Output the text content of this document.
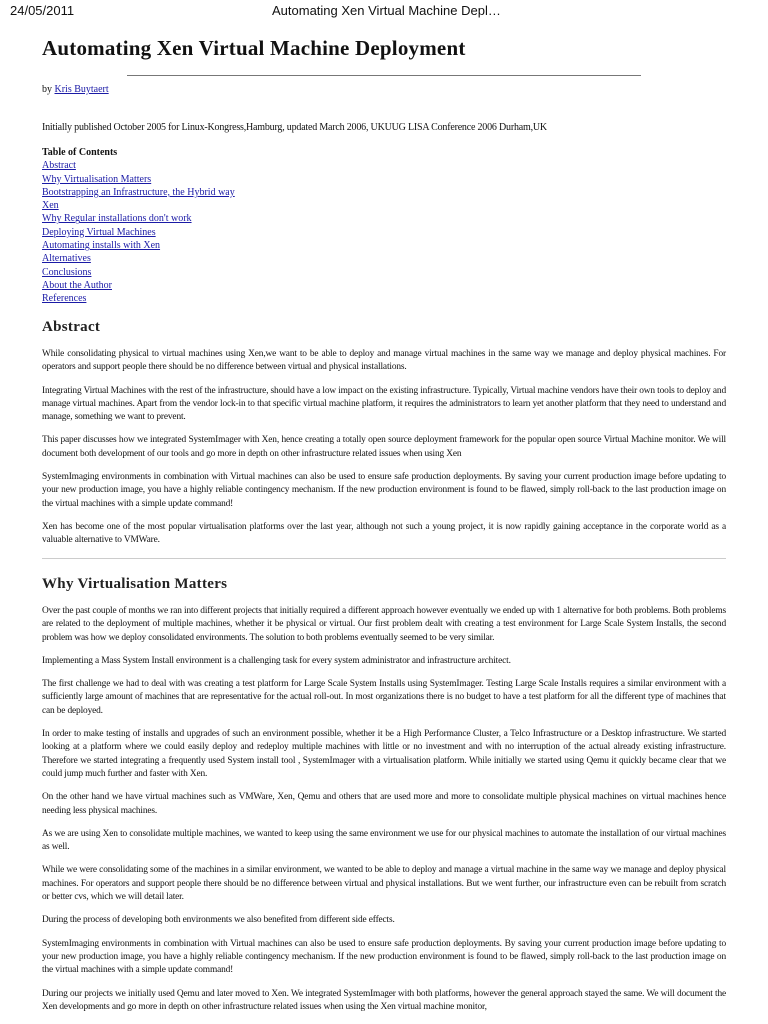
24/05/2011	Automating Xen Virtual Machine Depl…
Automating Xen Virtual Machine Deployment
by Kris Buytaert
Initially published October 2005 for Linux-Kongress,Hamburg, updated March 2006, UKUUG LISA Conference 2006 Durham,UK
Table of Contents
Abstract
Why Virtualisation Matters
Bootstrapping an Infrastructure, the Hybrid way
Xen
Why Regular installations don't work
Deploying Virtual Machines
Automating installs with Xen
Alternatives
Conclusions
About the Author
References
Abstract

While consolidating physical to virtual machines using Xen,we want to be able to deploy and manage virtual machines in the same way we manage and deploy physical machines. For operators and support people there should be no difference between virtual and physical installations.

Integrating Virtual Machines with the rest of the infrastructure, should have a low impact on the existing infrastructure. Typically, Virtual machine vendors have their own tools to deploy and manage virtual machines. Apart from the vendor lock-in to that specific virtual machine platform, it requires the administrators to learn yet another platform that they need to understand and manage, something we want to prevent.

This paper discusses how we integrated SystemImager with Xen, hence creating a totally open source deployment framework for the popular open source Virtual Machine monitor. We will document both development of our tools and go more in depth on other infrastructure related issues when using Xen

SystemImaging environments in combination with Virtual machines can also be used to ensure safe production deployments. By saving your current production image before updating to your new production image, you have a highly reliable contingency mechanism. If the new production environment is found to be flawed, simply roll-back to the last production image on the virtual machines with a simple update command!

Xen has become one of the most popular virtualisation platforms over the last year, although not such a young project, it is now rapidly gaining acceptance in the corporate world as a valuable alternative to VMWare.

Why Virtualisation Matters

Over the past couple of months we ran into different projects that initially required a different approach however eventually we ended up with 1 alternative for both problems. Both problems are related to the deployment of multiple machines, whether it be physical or virtual. Our first problem dealt with creating a test environment for Large Scale System Installs, the second problem was how we deploy consolidated environments. The solution to both problems eventually seemed to be very similar.

Implementing a Mass System Install environment is a challenging task for every system administrator and infrastructure architect.

The first challenge we had to deal with was creating a test platform for Large Scale System Installs using SystemImager. Testing Large Scale Installs requires a similar environment with a sufficiently large amount of machines that are representative for the actual roll-out. In most organizations there is no budget to have a test platform for all the different type of machines that can be deployed.

In order to make testing of installs and upgrades of such an environment possible, whether it be a High Performance Cluster, a Telco Infrastructure or a Desktop infrastructure. We started looking at a platform where we could easily deploy and redeploy multiple machines with little or no investment and with no interruption of the actual already existing infrastructure. Therefore we started integrating a frequently used System install tool , SystemImager with a virtualisation platform. While initially we started using Qemu it quickly became clear that we could jump much further and faster with Xen.

On the other hand we have virtual machines such as VMWare, Xen, Qemu and others that are used more and more to consolidate multiple physical machines on virtual machines hence needing less physical machines.

As we are using Xen to consolidate multiple machines, we wanted to keep using the same environment we use for our physical machines to automate the installation of our virtual machines as well.

While we were consolidating some of the machines in a similar environment, we wanted to be able to deploy and manage a virtual machine in the same way we manage and deploy physical machines. For operators and support people there should be no difference between virtual and physical installations. But we went further, our infrastructure even can be rebuilt from scratch or better cvs, which we will detail later.

During the process of developing both environments we also benefited from different side effects.

SystemImaging environments in combination with Virtual machines can also be used to ensure safe production deployments. By saving your current production image before updating to your new production image, you have a highly reliable contingency mechanism. If the new production environment is found to be flawed, simply roll-back to the last production image on the virtual machines with a simple update command!

During our projects we initially used Qemu and later moved to Xen. We integrated SystemImager with both platforms, however the general approach stayed the same. We will document the Xen developments and go more in depth on other infrastructure related issues when using the Xen virtual machine monitor,
